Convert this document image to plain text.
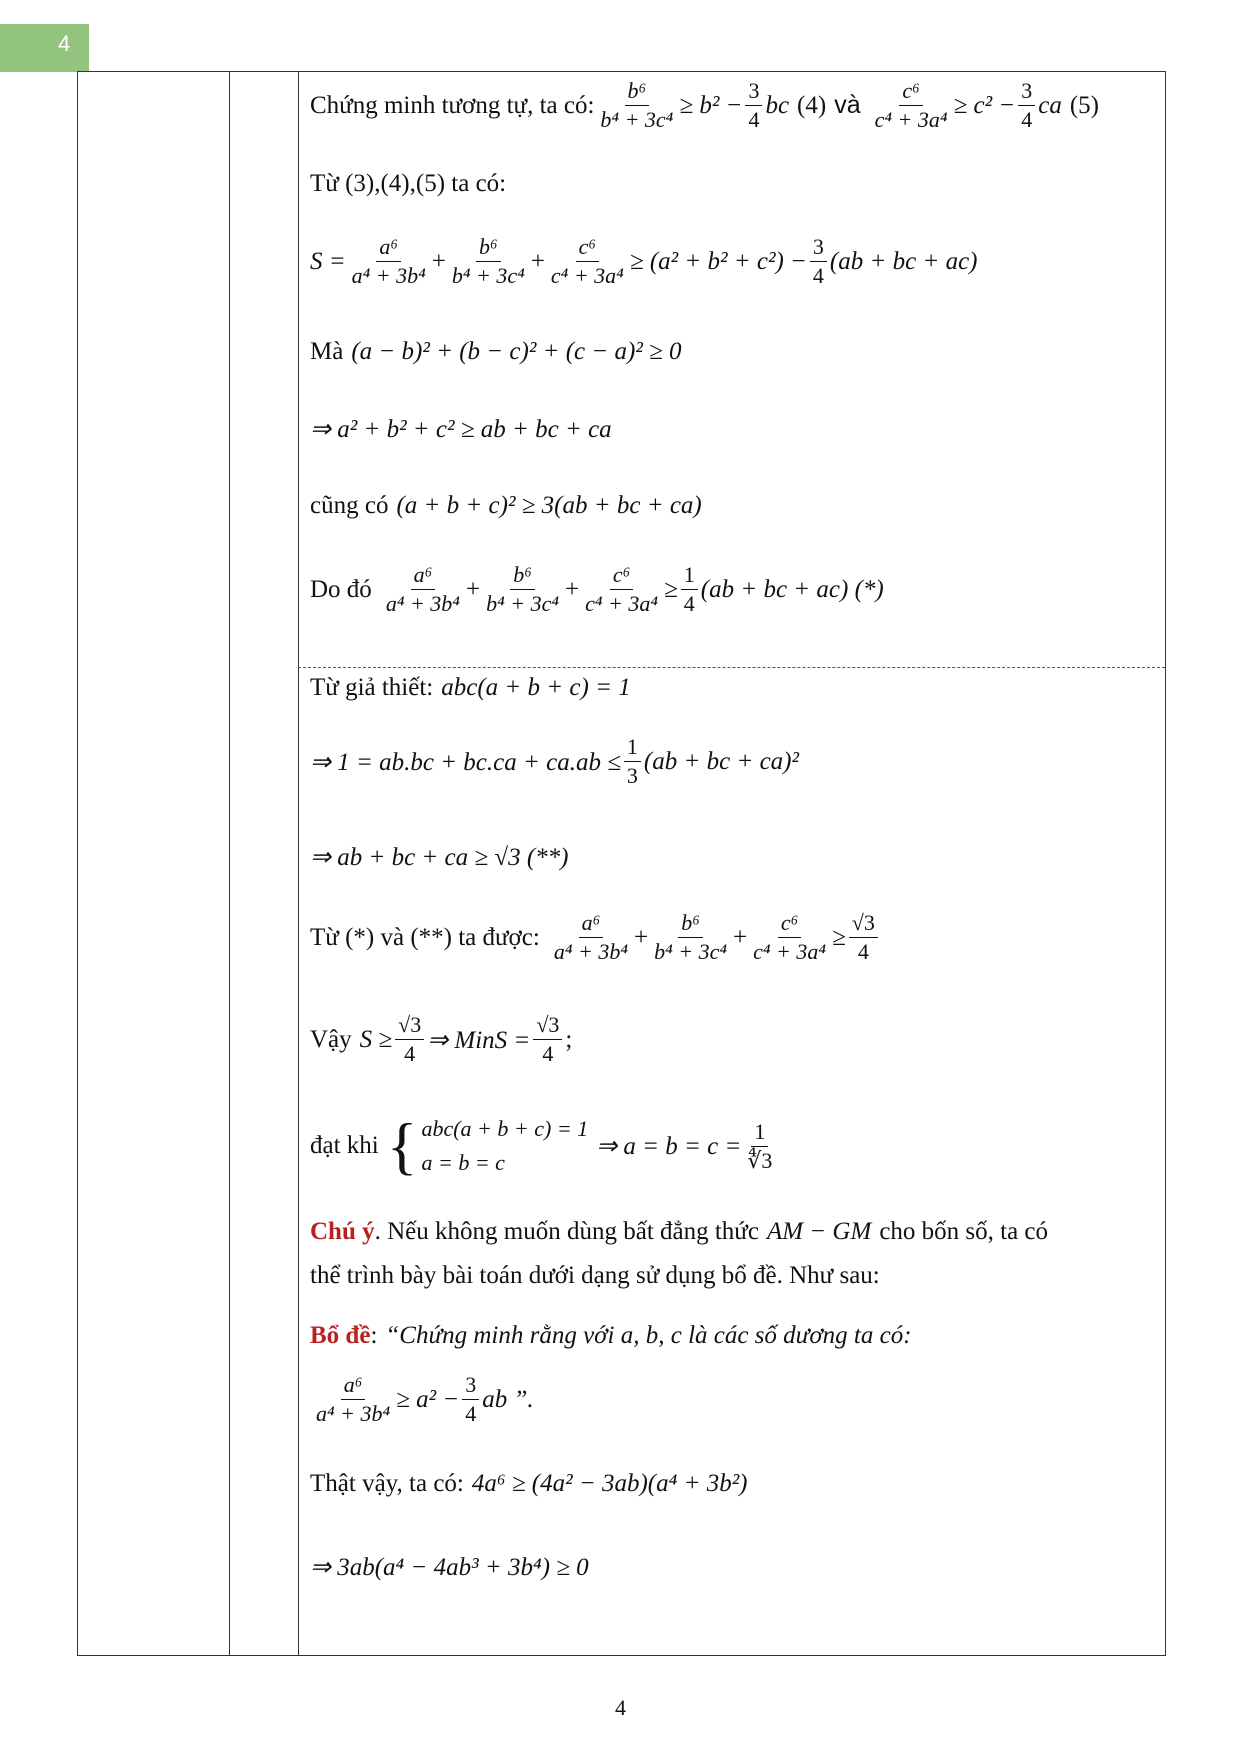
4
Chứng minh tương tự, ta có: $\frac{\text{b⁶}}{\text{b⁴ + 3c⁴}} \ge b^2 - \frac{3}{4}$ bc (4) và $\frac{\text{c⁶}}{\text{c⁴ + 3a⁴}} \ge c^2 - \frac{3}{4}$ ca (5)
Từ (3),(4),(5) ta có:
$S = \frac{\text{a⁶}}{\text{a⁴ + 3b⁴}} + \frac{\text{b⁶}}{\text{b⁴ + 3c⁴}} + \frac{\text{c⁶}}{\text{c⁴ + 3a⁴}} \ge (a^2 + b^2 + c^2) - \frac{3}{4} (ab$ + bc + ac)
Mà (a − b)² + (b − c)² + (c − a)² ≥ 0
⇒ a² + b² + c² ≥ ab + bc + ca
cũng có (a + b + c)² ≥ 3(ab + bc + ca)
Do đó $\frac{\text{a⁶}}{\text{a⁴ + 3b⁴}} + \frac{\text{b⁶}}{\text{b⁴ + 3c⁴}} + \frac{\text{c⁶}}{\text{c⁴ + 3a⁴}} \ge \frac{1}{4} (ab$ + bc + ac) (*)
Từ giả thiết: abc(a + b + c) = 1
⇒ $1 = ab.bc + bc.ca + ca.ab \le \frac{1}{3} (ab$ + bc + ca)²
⇒ ab + bc + ca ≥ √3 (**)
Từ (*) và (**) ta được: $\frac{\text{a⁶}}{\text{a⁴ + 3b⁴}} + \frac{\text{b⁶}}{\text{b⁴ + 3c⁴}} + \frac{\text{c⁶}}{\text{c⁴ + 3a⁴}} \ge \frac{√3}{4}$
Vậy $S \ge \frac{√3}{4}$ ⇒ MinS = $\frac{√3}{4}$ ;
đạt khi { abc(a + b + c) = 1
a = b = c
⇒ $a = b = c = \frac{1}{∜3}$
Chú ý . Nếu không muốn dùng bất đẳng thức AM − GM cho bốn số, ta có
thể trình bày bài toán dưới dạng sử dụng bổ đề. Như sau:
Bổ đề : “Chứng minh rằng với a, b, c là các số dương ta có:
$\frac{\text{a⁶}}{\text{a⁴ + 3b⁴}} \ge a^2 - \frac{3}{4}$ ab ”.
Thật vậy, ta có: 4a⁶ ≥ (4a² − 3ab)(a⁴ + 3b²)
⇒ 3ab(a⁴ − 4ab³ + 3b⁴) ≥ 0
4
